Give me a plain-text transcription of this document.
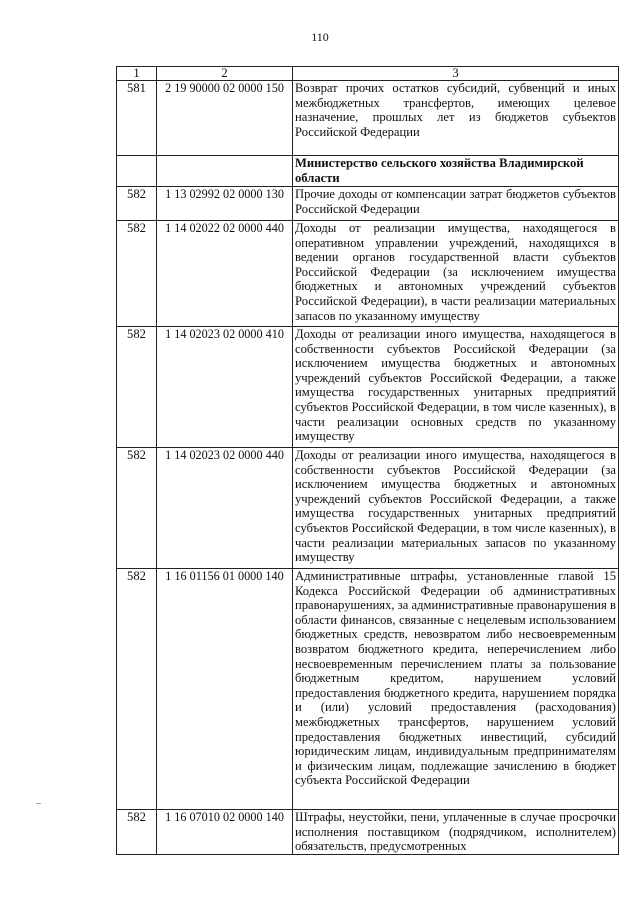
110
1	2	3
581	2 19 90000 02 0000 150	Возврат прочих остатков субсидий, субвенций и иных межбюджетных трансфертов, имеющих целевое назначение, прошлых лет из бюджетов субъектов Российской Федерации
		Министерство сельского хозяйства Владимирской области
582	1 13 02992 02 0000 130	Прочие доходы от компенсации затрат бюджетов субъектов Российской Федерации
582	1 14 02022 02 0000 440	Доходы от реализации имущества, находящегося в оперативном управлении учреждений, находящихся в ведении органов государственной власти субъектов Российской Федерации (за исключением имущества бюджетных и автономных учреждений субъектов Российской Федерации), в части реализации материальных запасов по указанному имуществу
582	1 14 02023 02 0000 410	Доходы от реализации иного имущества, находящегося в собственности субъектов Российской Федерации (за исключением имущества бюджетных и автономных учреждений субъектов Российской Федерации, а также имущества государственных унитарных предприятий субъектов Российской Федерации, в том числе казенных), в части реализации основных средств по указанному имуществу
582	1 14 02023 02 0000 440	Доходы от реализации иного имущества, находящегося в собственности субъектов Российской Федерации (за исключением имущества бюджетных и автономных учреждений субъектов Российской Федерации, а также имущества государственных унитарных предприятий субъектов Российской Федерации, в том числе казенных), в части реализации материальных запасов по указанному имуществу
582	1 16 01156 01 0000 140	Административные штрафы, установленные главой 15 Кодекса Российской Федерации об административных правонарушениях, за административные правонарушения в области финансов, связанные с нецелевым использованием бюджетных средств, невозвратом либо несвоевременным возвратом бюджетного кредита, неперечислением либо несвоевременным перечислением платы за пользование бюджетным кредитом, нарушением условий предоставления бюджетного кредита, нарушением порядка и (или) условий предоставления (расходования) межбюджетных трансфертов, нарушением условий предоставления бюджетных инвестиций, субсидий юридическим лицам, индивидуальным предпринимателям и физическим лицам, подлежащие зачислению в бюджет субъекта Российской Федерации
582	1 16 07010 02 0000 140	Штрафы, неустойки, пени, уплаченные в случае просрочки исполнения поставщиком (подрядчиком, исполнителем) обязательств, предусмотренных
–
